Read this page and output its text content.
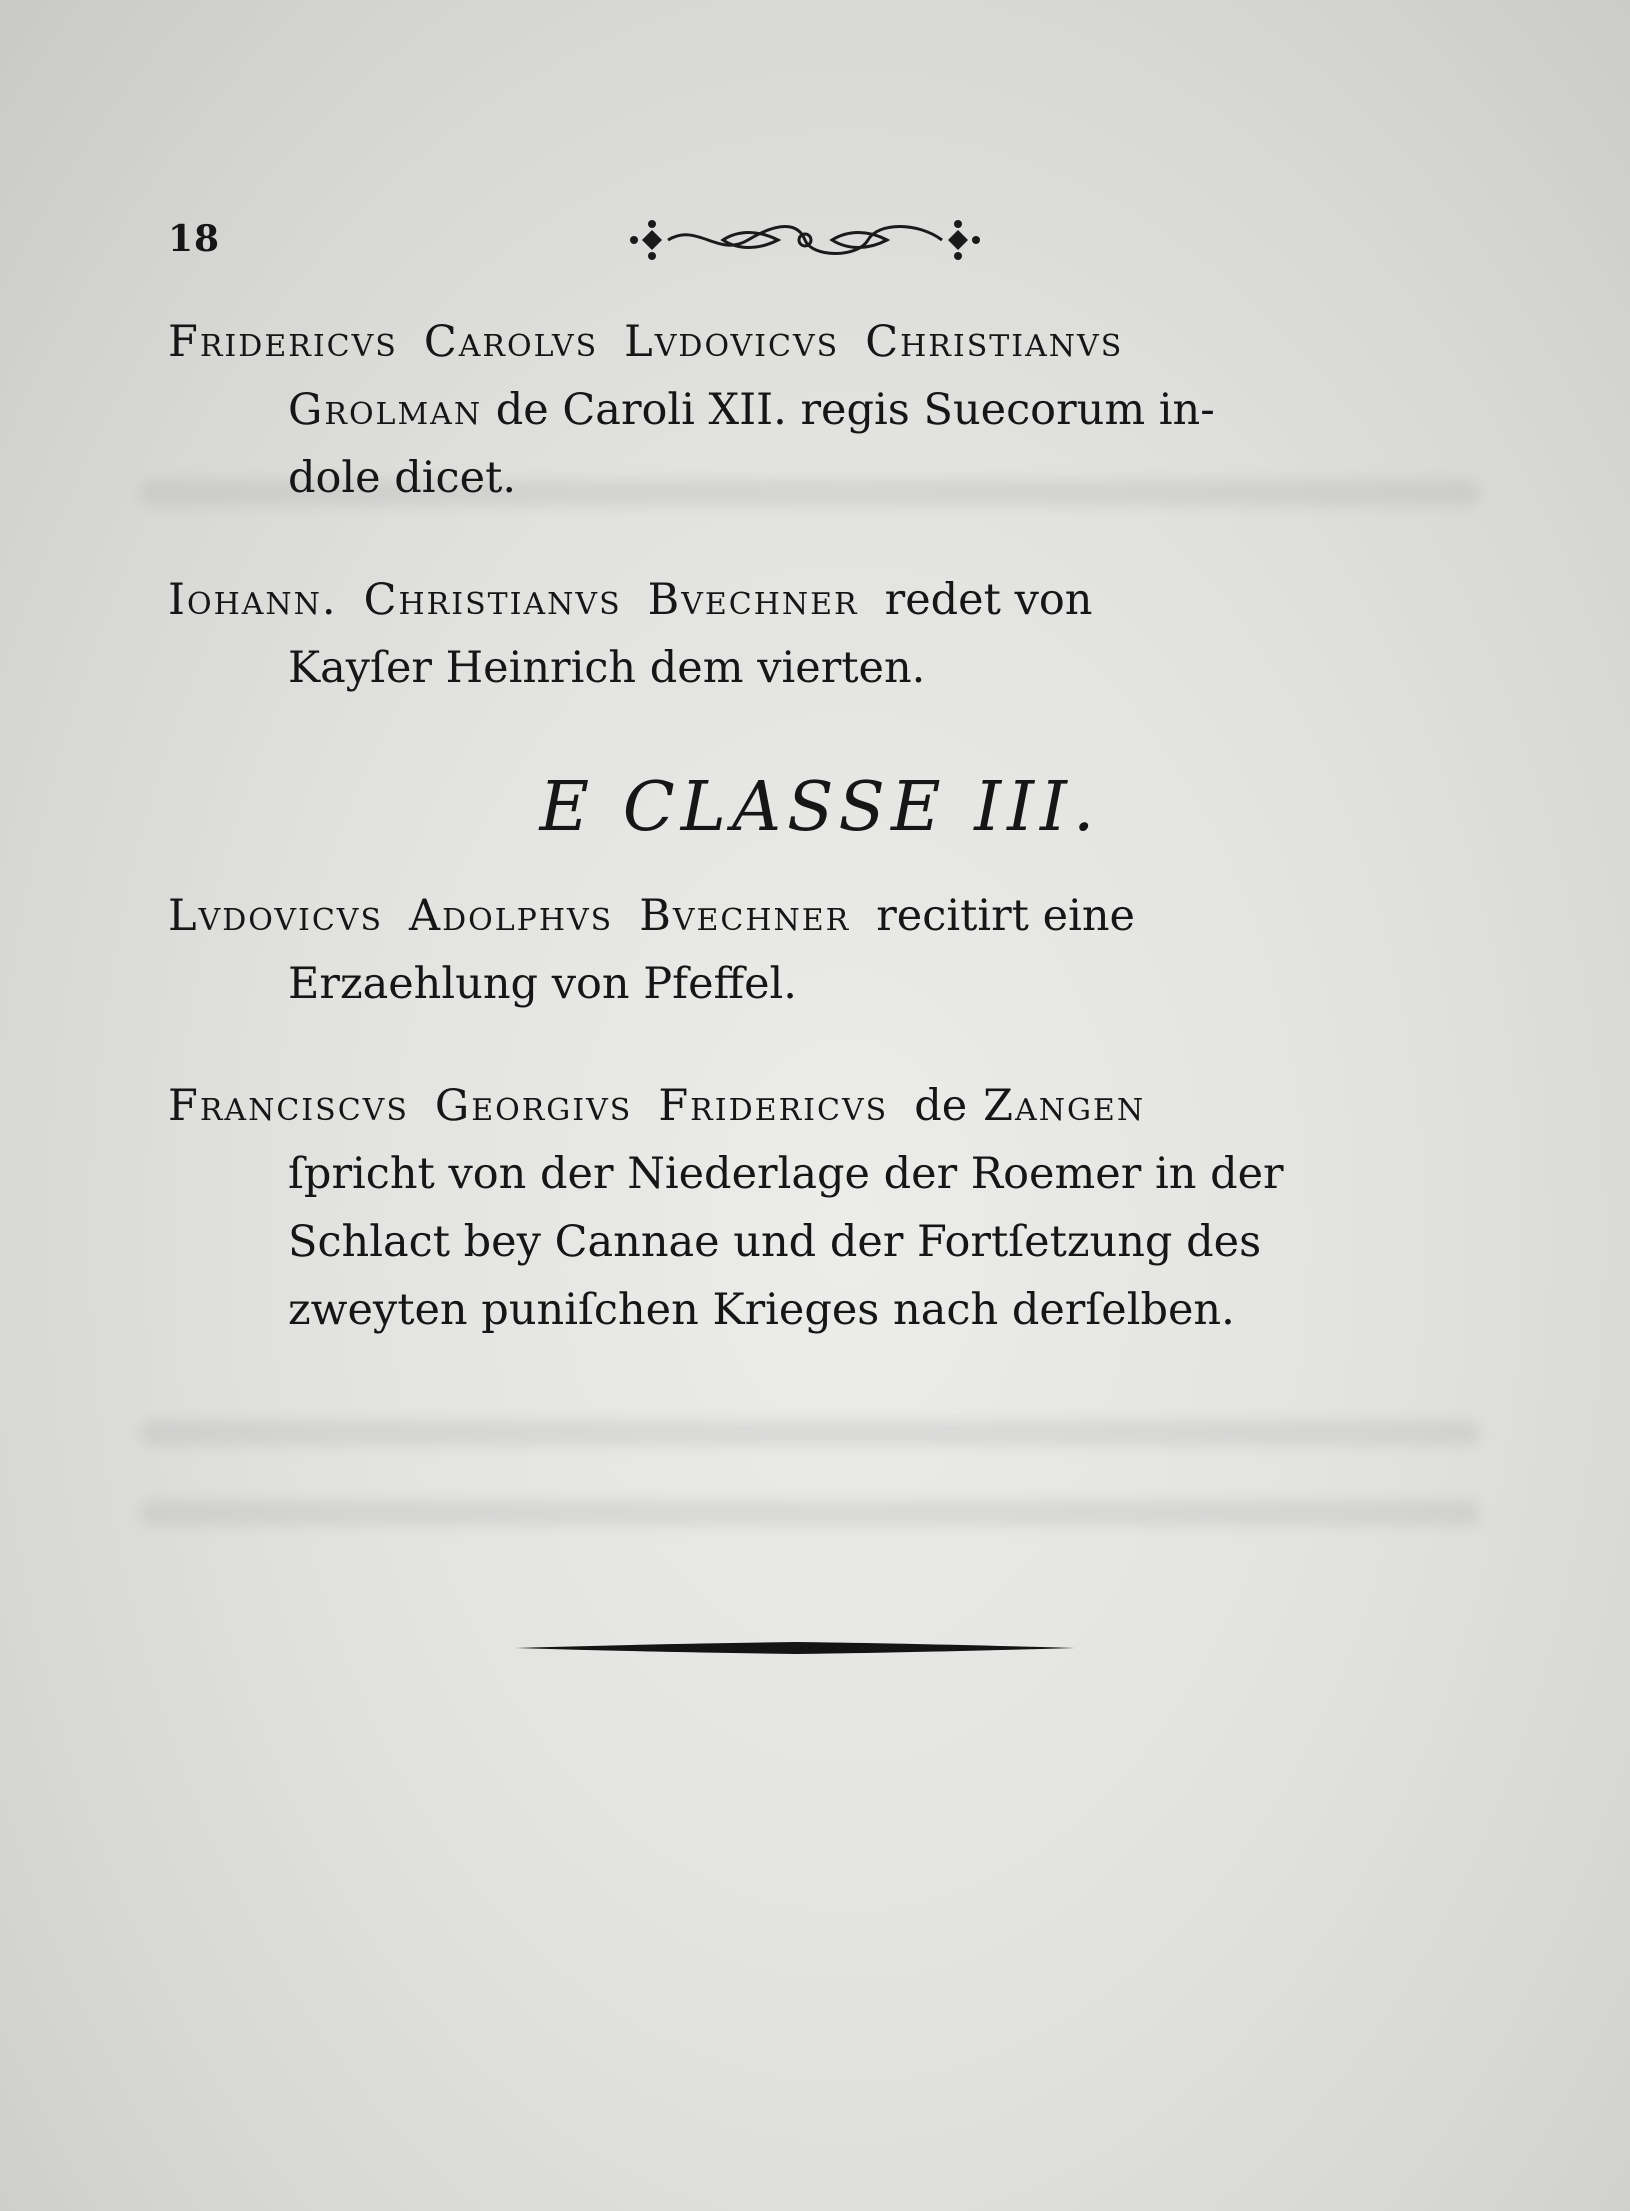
18
Fridericvs Carolvs Lvdovicvs Christianvs
Grolman de Caroli XII. regis Suecorum in-
dole dicet.
Iohann. Christianvs Bvechner redet von
Kayſer Heinrich dem vierten.
E CLASSE III.
Lvdovicvs Adolphvs Bvechner recitirt eine
Erzaehlung von Pfeffel.
Franciscvs Georgivs Fridericvs de Zangen
ſpricht von der Niederlage der Roemer in der
Schlact bey Cannae und der Fortſetzung des
zweyten puniſchen Krieges nach derſelben.
